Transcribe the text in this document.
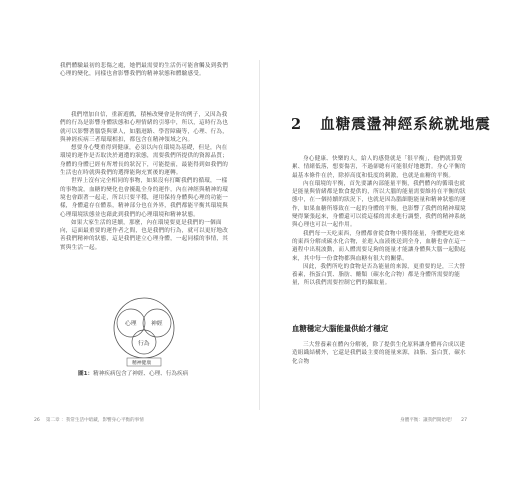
我們體驗最初的悲傷之處，她們最需要的生活仍可能會觸及到我們心理的變化，同樣也會影響我們的精神狀態和體驗感受。

我們增加自信，重新遊戲，積極改變會是你的例子，又因為我們的行為是影響身體狀態和心理情緒的引導中，所以，這時行為也就可以影響著腦袋與眾人，如腦迴路、學習障礙等，心理、行為，與神經疾病三者環環相扣，都包含在精神領域之內。

想要身心雙重得到健康，必須以內在環境為基礎，但是，內在環境的運作是否取決於週遭的狀態，需要我們所提供的資源品質；身體的身體已經有所增長的狀況下，可能提前，最能得到如我們的生活也在時就與我們的選擇能夠充實後的運轉。

世界上沒有完全相同的事物，如果沒有打斷我們的循環，一樣的事物說，血糖的變化也會擾亂全身的運作，內在神經與精神的環境也會跟著一起走，所以只要平穩，運用保持身體與心理的功能一樣，身體還存在體系，精神部分也在外界，我們都能平衡其環境與心理環境狀態並也藉此到我們的心理環境和精神狀態。

如果大家生活的延續，那麼，內在環境要更是我們的一個面向，這面最重要的運作者之間，也是我們的行為，就可以更好地改善我們精神的狀態，這是我們建立心理身體，一起同樣的事情，其實與生活一起。

心理 神經
行為
精神健康
圖1：精神疾病包含了神經、心理、行為疾病
2 血糖震盪神經系統就地震

身心健康、快樂的人，給人的感覺就是「很平衡」，他們就算覺累、情緒低落，想要傷害，不過卻總有可能很好地應對。身心平衡的最基本條件在於，除掉高度和低度的刺激，也就是血糖的平衡。

內在環境的平衡，首先要讓內部能量平衡，我們體內的循環也就是能量與情緒都是飲食提供的，所以大腦的能量需要維持在平衡的狀態中，在一個持續的狀況下，也就是因為腦細胞能量和精神狀態的運作，如果血糖所導致在一起的身體的平衡，也影響了我們的精神環境變得緊張起來，身體還可以從這樣的需求進行調整，我們的精神系統與心理也可以一起作用。

我們每一天吃東西，身體都會從食物中獲得能量，身體把吃進來的東西分解成碳水化合物，並進入血液後送到全身，血糖也會在這一過程中出現波動，而人體需要足夠的能量才能讓身體與大腦一起動起來，其中每一份食物都與血糖有很大的關係。

因此，我們所吃的食物是否為能量的來源，更重要的是，三大營養素，指蛋白質、脂肪、醣類（碳水化合物）都是身體所需要的能量，所以我們需要控制它們的攝取量。

血糖穩定大腦能量供給才穩定

三大營養素在體內分解後，除了提供生化原料讓身體再合成以建造組織結構外，它還是我們最主要的能量來源，油脂、蛋白質，碳水化合物

26 第二章 ：我常生活中暗藏，影響身心平衡的事情	身體平衡：讓我們開始吧！ 27
